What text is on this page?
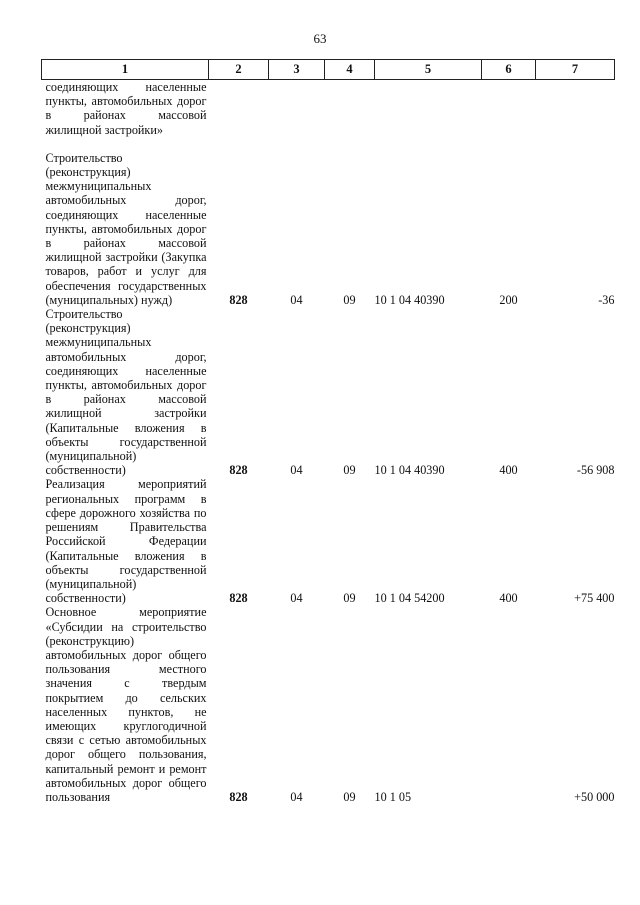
63
1	2	3	4	5	6	7
соединяющих населенные пункты, автомобильных дорог в районах массовой жилищной застройки»						

Строительство (реконструкция) межмуниципальных автомобильных дорог, соединяющих населенные пункты, автомобильных дорог в районах массовой жилищной застройки (Закупка товаров, работ и услуг для обеспечения государственных (муниципальных) нужд)	828	04	09	10 1 04 40390	200	-36
Строительство (реконструкция) межмуниципальных автомобильных дорог, соединяющих населенные пункты, автомобильных дорог в районах массовой жилищной застройки (Капитальные вложения в объекты государственной (муниципальной) собственности)	828	04	09	10 1 04 40390	400	-56 908
Реализация мероприятий региональных программ в сфере дорожного хозяйства по решениям Правительства Российской Федерации (Капитальные вложения в объекты государственной (муниципальной) собственности)	828	04	09	10 1 04 54200	400	+75 400
Основное мероприятие «Субсидии на строительство (реконструкцию) автомобильных дорог общего пользования местного значения с твердым покрытием до сельских населенных пунктов, не имеющих круглогодичной связи с сетью автомобильных дорог общего пользования, капитальный ремонт и ремонт автомобильных дорог общего пользования	828	04	09	10 1 05		+50 000
